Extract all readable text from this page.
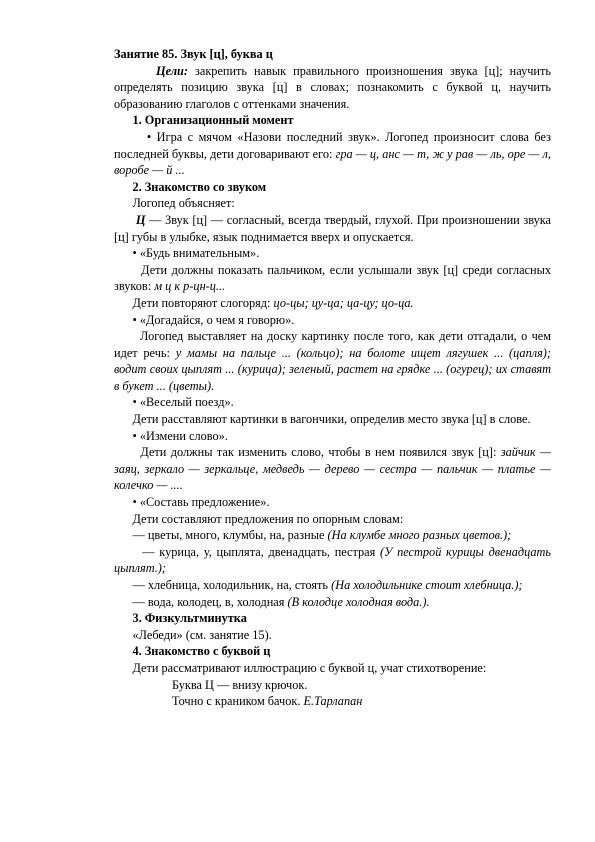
Занятие 85. Звук [ц], буква ц

Цели: закрепить навык правильного произношения звука [ц]; научить определять позицию звука [ц] в словах; познакомить с буквой ц, научить образованию глаголов с оттенками значения.

1. Организационный момент

• Игра с мячом «Назови последний звук». Логопед произносит слова без последней буквы, дети договаривают его: гра — ц, анс — т, ж у рав — ль, оре — л, воробе — й ...

2. Знакомство со звуком

Логопед объясняет:

Ц — Звук [ц] — согласный, всегда твердый, глухой. При произношении звука [ц] губы в улыбке, язык поднимается вверх и опускается.

• «Будь внимательным».

Дети должны показать пальчиком, если услышали звук [ц] среди согласных звуков: м ц к р-цн-ц...

Дети повторяют слогоряд: цо-цы; цу-ца; ца-цу; цо-ца.

• «Догадайся, о чем я говорю».

Логопед выставляет на доску картинку после того, как дети отгадали, о чем идет речь: у мамы на пальце ... (кольцо); на болоте ищет лягушек ... (цапля); водит своих цыплят ... (курица); зеленый, растет на грядке ... (огурец); их ставят в букет ... (цветы).

• «Веселый поезд».

Дети расставляют картинки в вагончики, определив место звука [ц] в слове.

• «Измени слово».

Дети должны так изменить слово, чтобы в нем появился звук [ц]: зайчик — заяц, зеркало — зеркальце, медведь — дерево — сестра — пальчик — платье — колечко — ....

• «Составь предложение».

Дети составляют предложения по опорным словам:

— цветы, много, клумбы, на, разные (На клумбе много разных цветов.);

— курица, у, цыплята, двенадцать, пестрая (У пестрой курицы двенадцать цыплят.);

— хлебница, холодильник, на, стоять (На холодильнике стоит хлебница.);

— вода, колодец, в, холодная (В колодце холодная вода.).

3. Физкультминутка

«Лебеди» (см. занятие 15).

4. Знакомство с буквой ц

Дети рассматривают иллюстрацию с буквой ц, учат стихотворение:

Буква Ц — внизу крючок.

Точно с краником бачок. Е.Тарлапан
